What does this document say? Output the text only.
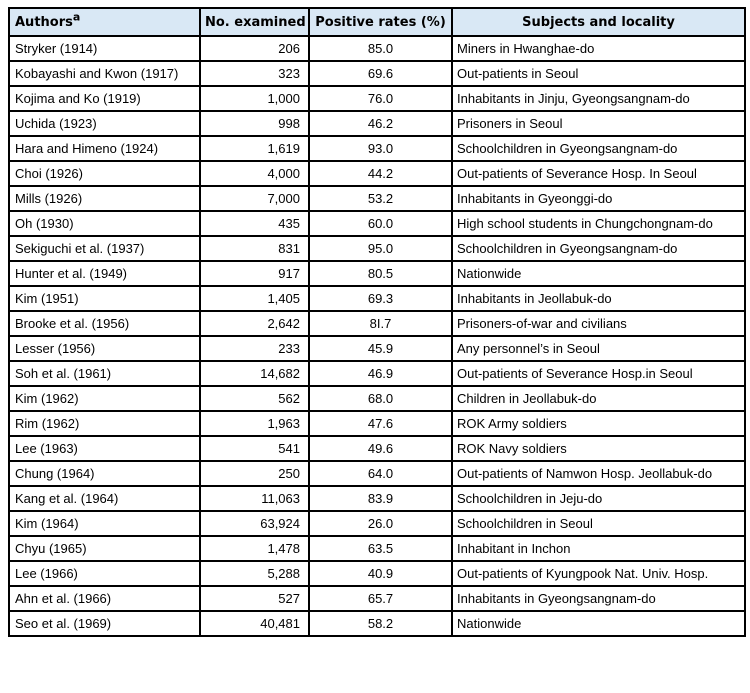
Authors$^a$	No. examined	Positive rates (%)	Subjects and locality
Stryker (1914)	206	85.0	Miners in Hwanghae-do
Kobayashi and Kwon (1917)	323	69.6	Out-patients in Seoul
Kojima and Ko (1919)	1,000	76.0	Inhabitants in Jinju, Gyeongsangnam-do
Uchida (1923)	998	46.2	Prisoners in Seoul
Hara and Himeno (1924)	1,619	93.0	Schoolchildren in Gyeongsangnam-do
Choi (1926)	4,000	44.2	Out-patients of Severance Hosp. In Seoul
Mills (1926)	7,000	53.2	Inhabitants in Gyeonggi-do
Oh (1930)	435	60.0	High school students in Chungchongnam-do
Sekiguchi et al. (1937)	831	95.0	Schoolchildren in Gyeongsangnam-do
Hunter et al. (1949)	917	80.5	Nationwide
Kim (1951)	1,405	69.3	Inhabitants in Jeollabuk-do
Brooke et al. (1956)	2,642	8I.7	Prisoners-of-war and civilians
Lesser (1956)	233	45.9	Any personnel’s in Seoul
Soh et al. (1961)	14,682	46.9	Out-patients of Severance Hosp.in Seoul
Kim (1962)	562	68.0	Children in Jeollabuk-do
Rim (1962)	1,963	47.6	ROK Army soldiers
Lee (1963)	541	49.6	ROK Navy soldiers
Chung (1964)	250	64.0	Out-patients of Namwon Hosp. Jeollabuk-do
Kang et al. (1964)	11,063	83.9	Schoolchildren in Jeju-do
Kim (1964)	63,924	26.0	Schoolchildren in Seoul
Chyu (1965)	1,478	63.5	Inhabitant in Inchon
Lee (1966)	5,288	40.9	Out-patients of Kyungpook Nat. Univ. Hosp.
Ahn et al. (1966)	527	65.7	Inhabitants in Gyeongsangnam-do
Seo et al. (1969)	40,481	58.2	Nationwide
